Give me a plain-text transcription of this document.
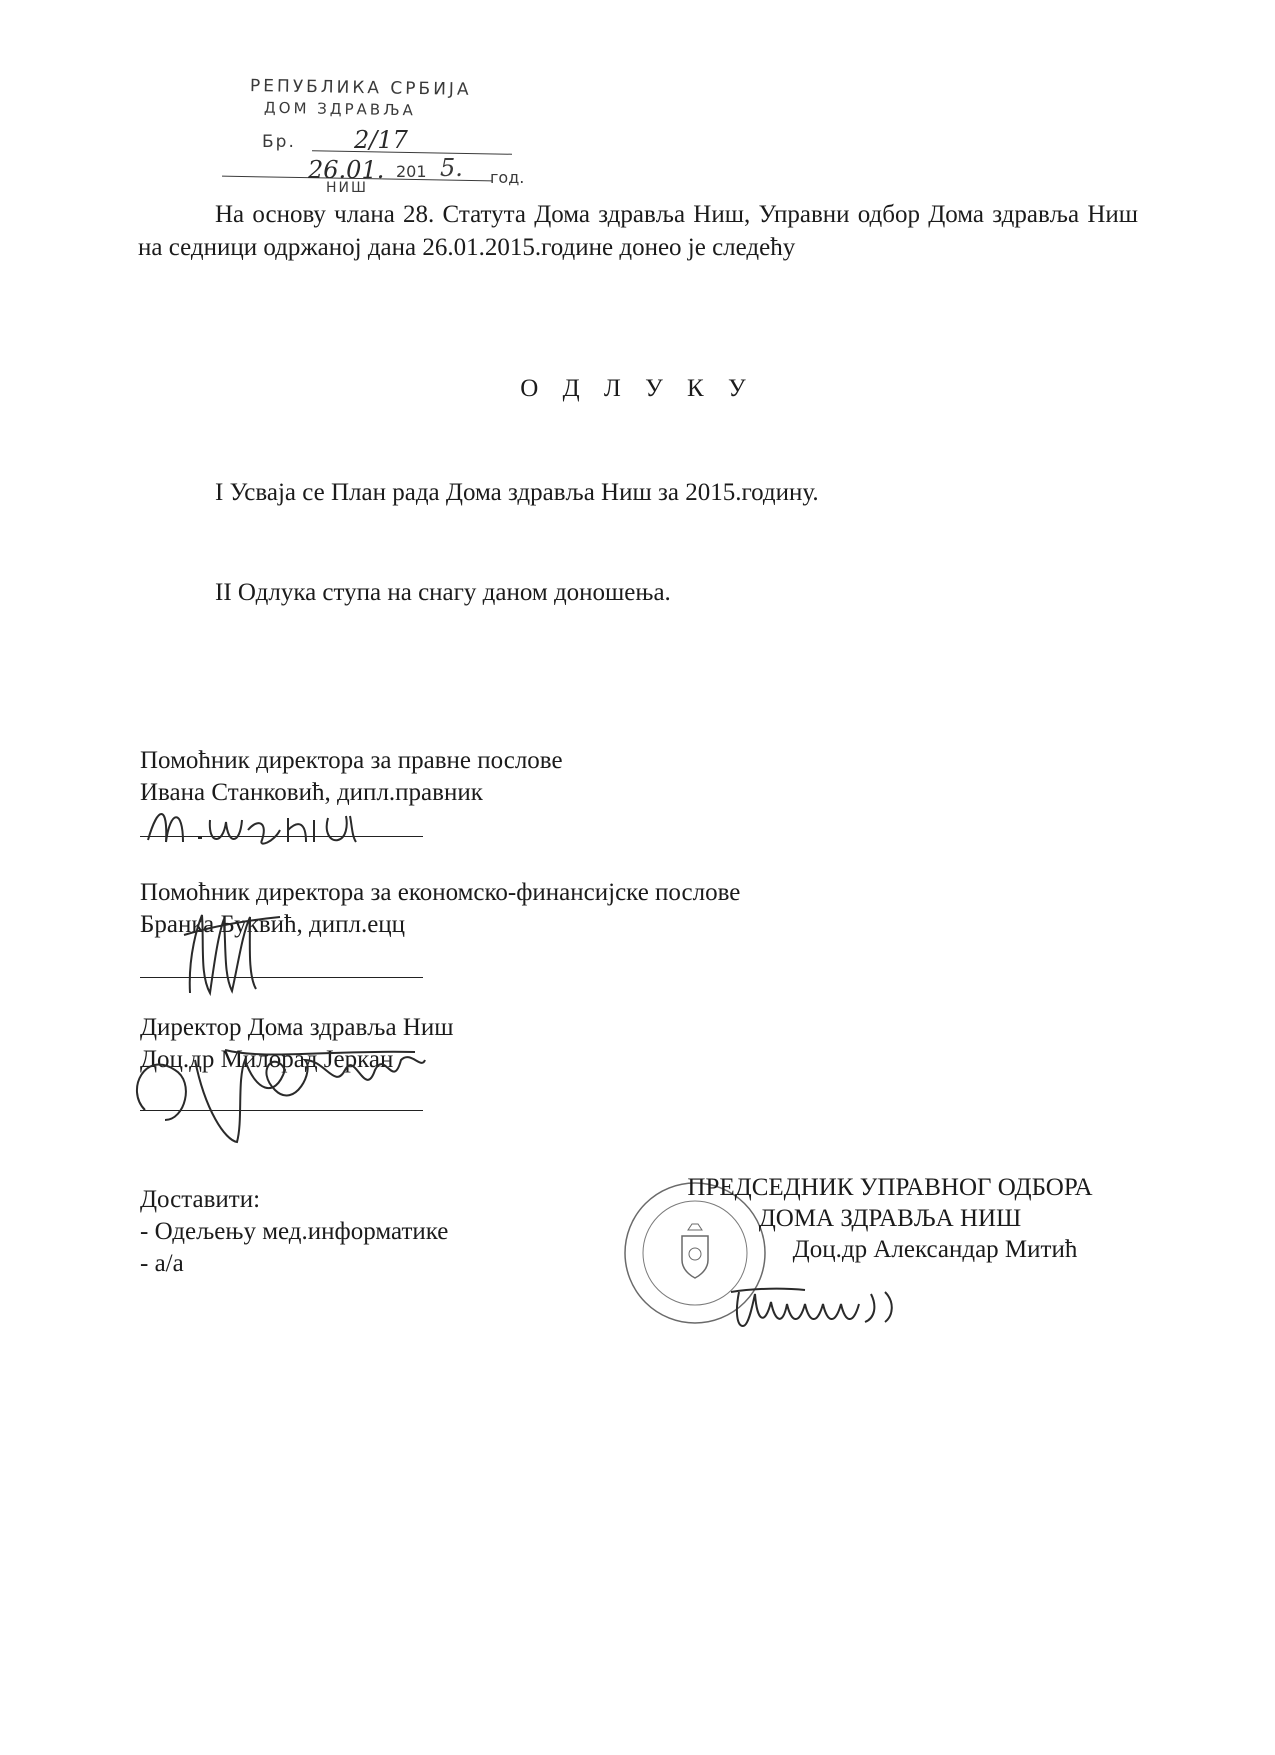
РЕПУБЛИКА СРБИЈА
ДОМ ЗДРАВЉА
Бр. 2/17
26.01. 201 5. год.
НИШ
На основу члана 28. Статута Дома здравља Ниш, Управни одбор Дома здравља Ниш на седници одржаној дана 26.01.2015.године донео је следећу
О Д Л У К У
I Усваја се План рада Дома здравља Ниш за 2015.годину.
II Одлука ступа на снагу даном доношења.
Помоћник директора за правне послове
Ивана Станковић, дипл.правник
Помоћник директора за економско-финансијске послове
Бранка Буквић, дипл.ецц
Директор Дома здравља Ниш
Доц.др Милорад Јеркан
Доставити:
- Одељењу мед.информатике
- а/а
ПРЕДСЕДНИК УПРАВНОГ ОДБОРА
ДОМА ЗДРАВЉА НИШ
Доц.др Александар Митић
